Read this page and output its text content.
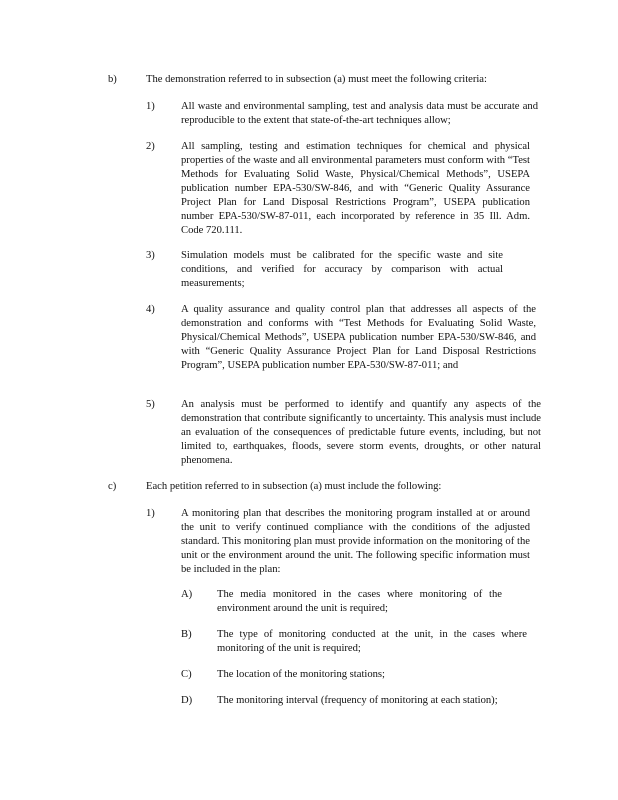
b)	The demonstration referred to in subsection (a) must meet the following criteria:
1) All waste and environmental sampling, test and analysis data must be accurate and reproducible to the extent that state-of-the-art techniques allow;
2) All sampling, testing and estimation techniques for chemical and physical properties of the waste and all environmental parameters must conform with “Test Methods for Evaluating Solid Waste, Physical/Chemical Methods”, USEPA publication number EPA-530/SW-846, and with “Generic Quality Assurance Project Plan for Land Disposal Restrictions Program”, USEPA publication number EPA-530/SW-87-011, each incorporated by reference in 35 Ill. Adm. Code 720.111.
3) Simulation models must be calibrated for the specific waste and site conditions, and verified for accuracy by comparison with actual measurements;
4) A quality assurance and quality control plan that addresses all aspects of the demonstration and conforms with “Test Methods for Evaluating Solid Waste, Physical/Chemical Methods”, USEPA publication number EPA-530/SW-846, and with “Generic Quality Assurance Project Plan for Land Disposal Restrictions Program”, USEPA publication number EPA-530/SW-87-011; and
5) An analysis must be performed to identify and quantify any aspects of the demonstration that contribute significantly to uncertainty. This analysis must include an evaluation of the consequences of predictable future events, including, but not limited to, earthquakes, floods, severe storm events, droughts, or other natural phenomena.
c)	Each petition referred to in subsection (a) must include the following:
1) A monitoring plan that describes the monitoring program installed at or around the unit to verify continued compliance with the conditions of the adjusted standard. This monitoring plan must provide information on the monitoring of the unit or the environment around the unit. The following specific information must be included in the plan:
A) The media monitored in the cases where monitoring of the environment around the unit is required;
B) The type of monitoring conducted at the unit, in the cases where monitoring of the unit is required;
C) The location of the monitoring stations;
D) The monitoring interval (frequency of monitoring at each station);
